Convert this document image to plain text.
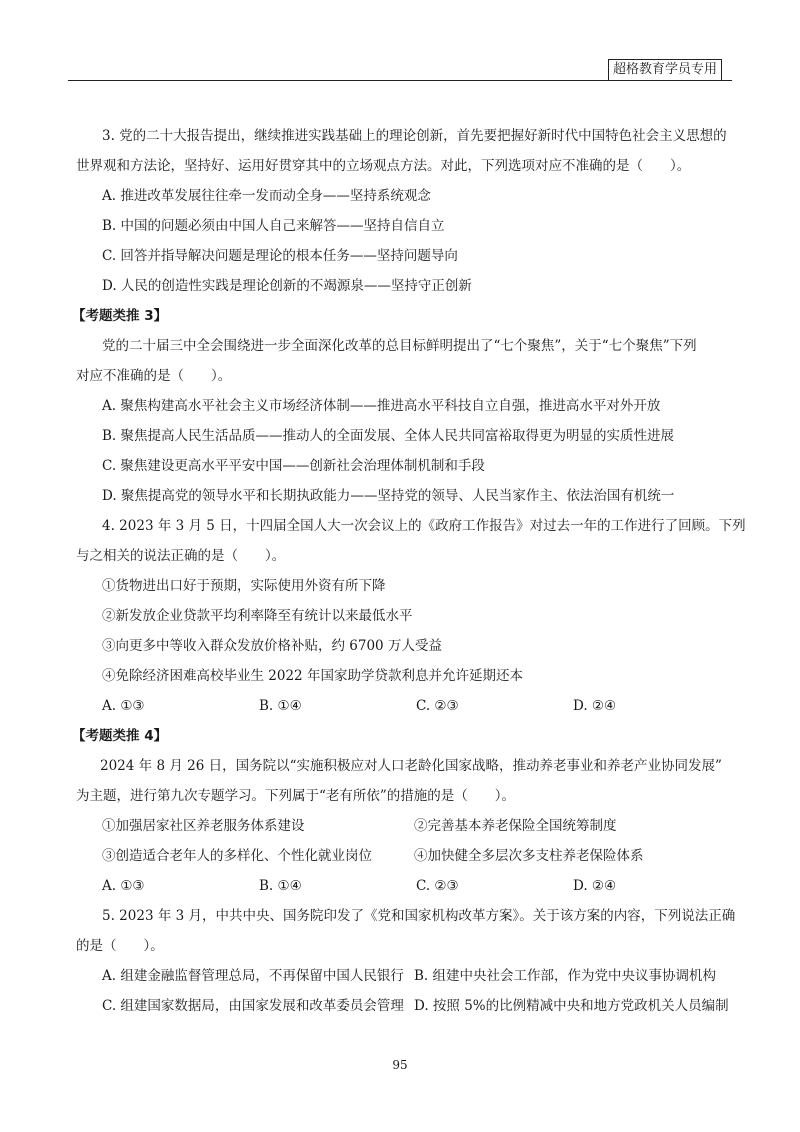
超格教育学员专用

3. 党的二十大报告提出，继续推进实践基础上的理论创新，首先要把握好新时代中国特色社会主义思想的

世界观和方法论，坚持好、运用好贯穿其中的立场观点方法。对此，下列选项对应不准确的是（　　）。

A. 推进改革发展往往牵一发而动全身——坚持系统观念

B. 中国的问题必须由中国人自己来解答——坚持自信自立

C. 回答并指导解决问题是理论的根本任务——坚持问题导向

D. 人民的创造性实践是理论创新的不竭源泉——坚持守正创新

【考题类推 3】

党的二十届三中全会围绕进一步全面深化改革的总目标鲜明提出了“七个聚焦”，关于“七个聚焦”下列

对应不准确的是（　　）。

A. 聚焦构建高水平社会主义市场经济体制——推进高水平科技自立自强，推进高水平对外开放

B. 聚焦提高人民生活品质——推动人的全面发展、全体人民共同富裕取得更为明显的实质性进展

C. 聚焦建设更高水平平安中国——创新社会治理体制机制和手段

D. 聚焦提高党的领导水平和长期执政能力——坚持党的领导、人民当家作主、依法治国有机统一

4. 2023 年 3 月 5 日，十四届全国人大一次会议上的《政府工作报告》对过去一年的工作进行了回顾。下列

与之相关的说法正确的是（　　）。

①货物进出口好于预期，实际使用外资有所下降

②新发放企业贷款平均利率降至有统计以来最低水平

③向更多中等收入群众发放价格补贴，约 6700 万人受益

④免除经济困难高校毕业生 2022 年国家助学贷款利息并允许延期还本

A. ①③	B. ①④	C. ②③	D. ②④

【考题类推 4】

2024 年 8 月 26 日，国务院以“实施积极应对人口老龄化国家战略，推动养老事业和养老产业协同发展”

为主题，进行第九次专题学习。下列属于“老有所依”的措施的是（　　）。

①加强居家社区养老服务体系建设	②完善基本养老保险全国统筹制度
③创造适合老年人的多样化、个性化就业岗位	④加快健全多层次多支柱养老保险体系
A. ①③	B. ①④	C. ②③	D. ②④

5. 2023 年 3 月，中共中央、国务院印发了《党和国家机构改革方案》。关于该方案的内容，下列说法正确

的是（　　）。

A. 组建金融监督管理总局，不再保留中国人民银行 B. 组建中央社会工作部，作为党中央议事协调机构
C. 组建国家数据局，由国家发展和改革委员会管理 D. 按照 5%的比例精减中央和地方党政机关人员编制
95
